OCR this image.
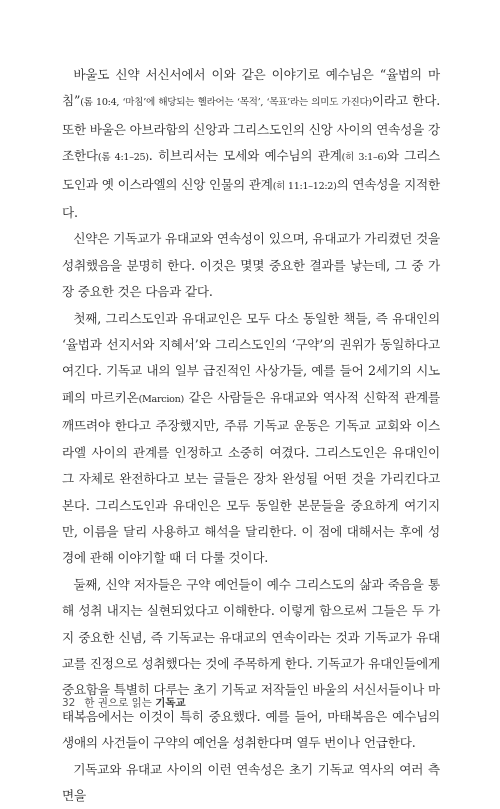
바울도 신약 서신서에서 이와 같은 이야기로 예수님은 “율법의 마침”(롬 10:4, ‘마침’에 해당되는 헬라어는 ‘목적’, ‘목표’라는 의미도 가진다)이라고 한다. 또한 바울은 아브라함의 신앙과 그리스도인의 신앙 사이의 연속성을 강조한다(롬 4:1–25). 히브리서는 모세와 예수님의 관계(히 3:1–6)와 그리스도인과 옛 이스라엘의 신앙 인물의 관계(히 11:1–12:2)의 연속성을 지적한다.

신약은 기독교가 유대교와 연속성이 있으며, 유대교가 가리켰던 것을 성취했음을 분명히 한다. 이것은 몇몇 중요한 결과를 낳는데, 그 중 가장 중요한 것은 다음과 같다.

첫째, 그리스도인과 유대교인은 모두 다소 동일한 책들, 즉 유대인의 ‘율법과 선지서와 지혜서’와 그리스도인의 ‘구약’의 권위가 동일하다고 여긴다. 기독교 내의 일부 급진적인 사상가들, 예를 들어 2세기의 시노페의 마르키온(Marcion) 같은 사람들은 유대교와 역사적 신학적 관계를 깨뜨려야 한다고 주장했지만, 주류 기독교 운동은 기독교 교회와 이스라엘 사이의 관계를 인정하고 소중히 여겼다. 그리스도인은 유대인이 그 자체로 완전하다고 보는 글들은 장차 완성될 어떤 것을 가리킨다고 본다. 그리스도인과 유대인은 모두 동일한 본문들을 중요하게 여기지만, 이름을 달리 사용하고 해석을 달리한다. 이 점에 대해서는 후에 성경에 관해 이야기할 때 더 다룰 것이다.

둘째, 신약 저자들은 구약 예언들이 예수 그리스도의 삶과 죽음을 통해 성취 내지는 실현되었다고 이해한다. 이렇게 함으로써 그들은 두 가지 중요한 신념, 즉 기독교는 유대교의 연속이라는 것과 기독교가 유대교를 진정으로 성취했다는 것에 주목하게 한다. 기독교가 유대인들에게 중요함을 특별히 다루는 초기 기독교 저작들인 바울의 서신서들이나 마태복음에서는 이것이 특히 중요했다. 예를 들어, 마태복음은 예수님의 생애의 사건들이 구약의 예언을 성취한다며 열두 번이나 언급한다.

기독교와 유대교 사이의 이런 연속성은 초기 기독교 역사의 여러 측면을

32 한 권으로 읽는 기독교
